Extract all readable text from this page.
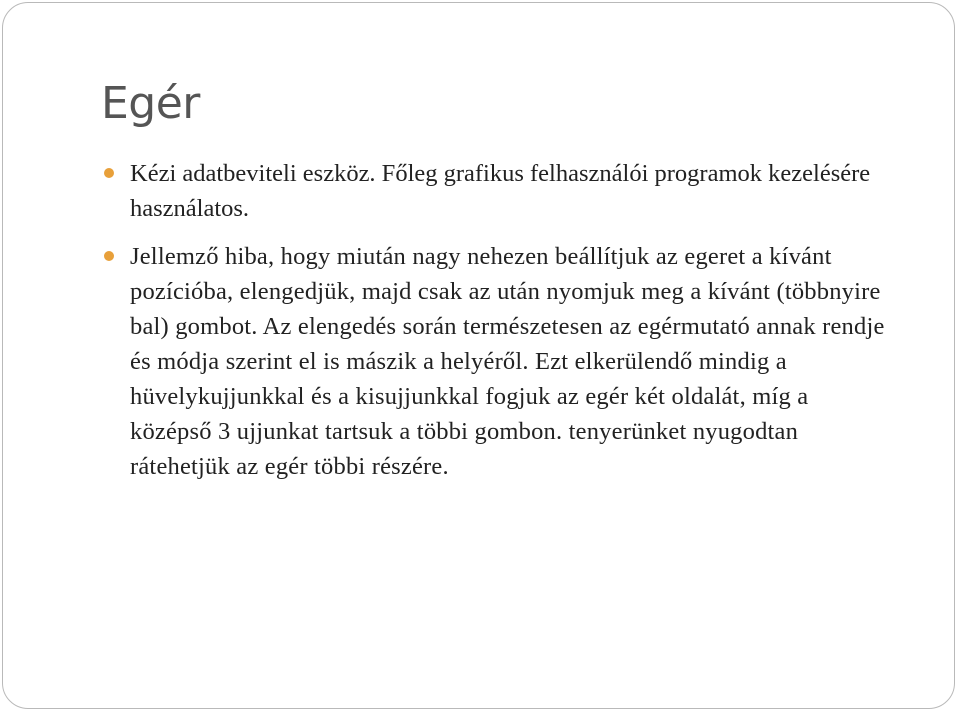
Egér
Kézi adatbeviteli eszköz. Főleg grafikus felhasználói programok kezelésére használatos.
Jellemző hiba, hogy miután nagy nehezen beállítjuk az egeret a kívánt pozícióba, elengedjük, majd csak az után nyomjuk meg a kívánt (többnyire bal) gombot. Az elengedés során természetesen az egérmutató annak rendje és módja szerint el is mászik a helyéről. Ezt elkerülendő mindig a hüvelykujjunkkal és a kisujjunkkal fogjuk az egér két oldalát, míg a középső 3 ujjunkat tartsuk a többi gombon. tenyerünket nyugodtan rátehetjük az egér többi részére.
